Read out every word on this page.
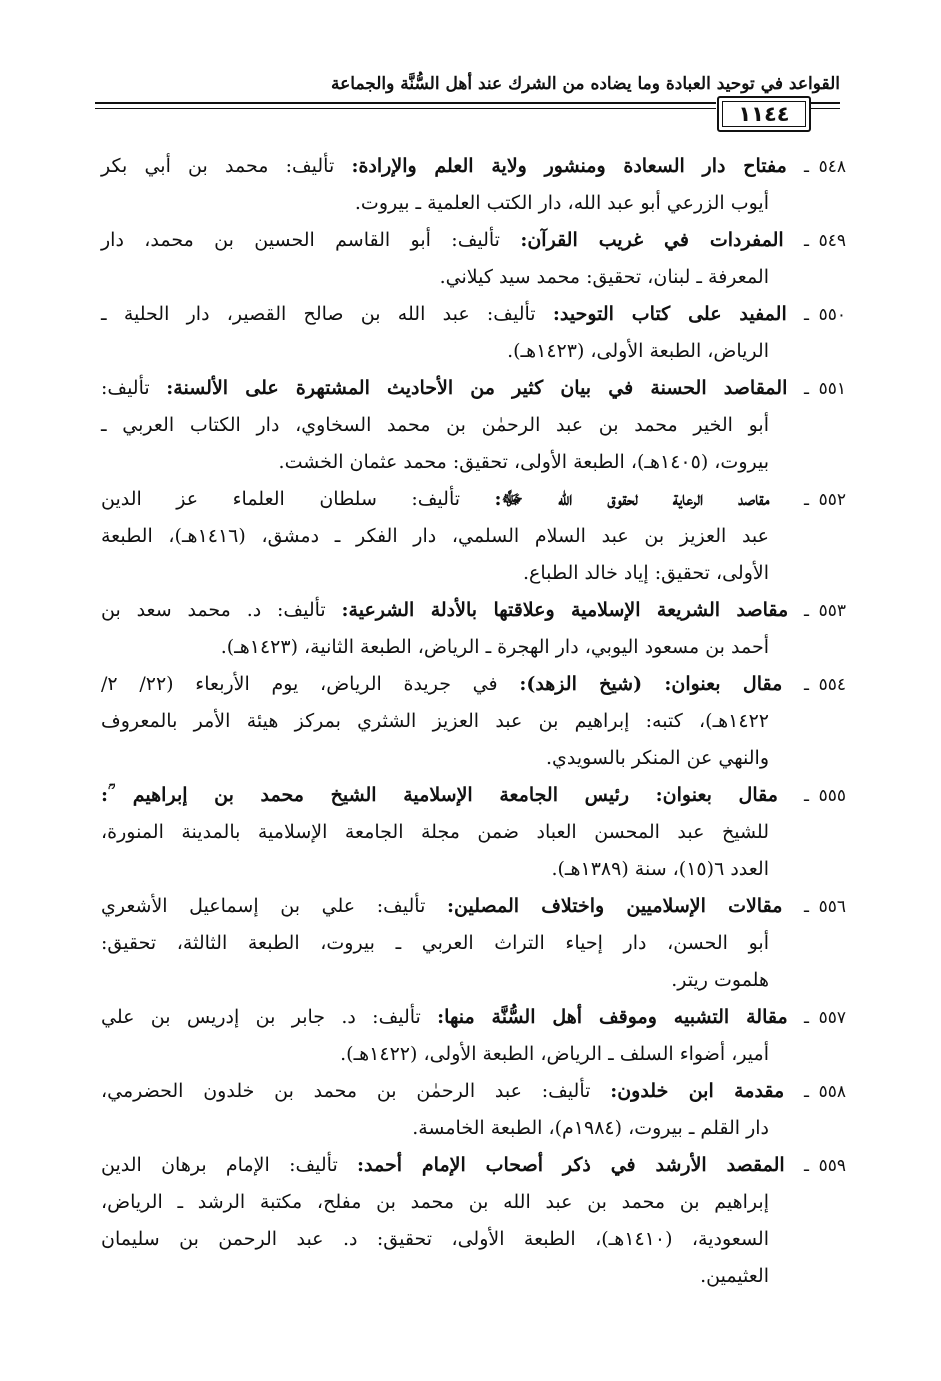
القواعد في توحيد العبادة وما يضاده من الشرك عند أهل السُّنَّة والجماعة
١١٤٤
٥٤٨ ـ مفتاح دار السعادة ومنشور ولاية العلم والإرادة: تأليف: محمد بن أبي بكر
أيوب الزرعي أبو عبد الله، دار الكتب العلمية ـ بيروت.
٥٤٩ ـ المفردات في غريب القرآن: تأليف: أبو القاسم الحسين بن محمد، دار
المعرفة ـ لبنان، تحقيق: محمد سيد كيلاني.
٥٥٠ ـ المفيد على كتاب التوحيد: تأليف: عبد الله بن صالح القصير، دار الحلية ـ
الرياض، الطبعة الأولى، (١٤٢٣هـ).
٥٥١ ـ المقاصد الحسنة في بيان كثير من الأحاديث المشتهرة على الألسنة: تأليف:
أبو الخير محمد بن عبد الرحمٰن بن محمد السخاوي، دار الكتاب العربي ـ
بيروت، (١٤٠٥هـ)، الطبعة الأولى، تحقيق: محمد عثمان الخشت.
٥٥٢ ـ مقاصد الرعاية لحقوق الله ﷻ: تأليف: سلطان العلماء عز الدين
عبد العزيز بن عبد السلام السلمي، دار الفكر ـ دمشق، (١٤١٦هـ)، الطبعة
الأولى، تحقيق: إياد خالد الطباع.
٥٥٣ ـ مقاصد الشريعة الإسلامية وعلاقتها بالأدلة الشرعية: تأليف: د. محمد سعد بن
أحمد بن مسعود اليوبي، دار الهجرة ـ الرياض، الطبعة الثانية، (١٤٢٣هـ).
٥٥٤ ـ مقال بعنوان: (شيخ الزهد): في جريدة الرياض، يوم الأربعاء (٢٢/ ٢/
١٤٢٢هـ)، كتبه: إبراهيم بن عبد العزيز الشثري بمركز هيئة الأمر بالمعروف
والنهي عن المنكر بالسويدي.
٥٥٥ ـ مقال بعنوان: رئيس الجامعة الإسلامية الشيخ محمد بن إبراهيم ؒ:
للشيخ عبد المحسن العباد ضمن مجلة الجامعة الإسلامية بالمدينة المنورة،
العدد ٦(١٥)، سنة (١٣٨٩هـ).
٥٥٦ ـ مقالات الإسلاميين واختلاف المصلين: تأليف: علي بن إسماعيل الأشعري
أبو الحسن، دار إحياء التراث العربي ـ بيروت، الطبعة الثالثة، تحقيق:
هلموت ريتر.
٥٥٧ ـ مقالة التشبيه وموقف أهل السُّنَّة منها: تأليف: د. جابر بن إدريس بن علي
أمير، أضواء السلف ـ الرياض، الطبعة الأولى، (١٤٢٢هـ).
٥٥٨ ـ مقدمة ابن خلدون: تأليف: عبد الرحمٰن بن محمد بن خلدون الحضرمي،
دار القلم ـ بيروت، (١٩٨٤م)، الطبعة الخامسة.
٥٥٩ ـ المقصد الأرشد في ذكر أصحاب الإمام أحمد: تأليف: الإمام برهان الدين
إبراهيم بن محمد بن عبد الله بن محمد بن مفلح، مكتبة الرشد ـ الرياض،
السعودية، (١٤١٠هـ)، الطبعة الأولى، تحقيق: د. عبد الرحمن بن سليمان
العثيمين.
